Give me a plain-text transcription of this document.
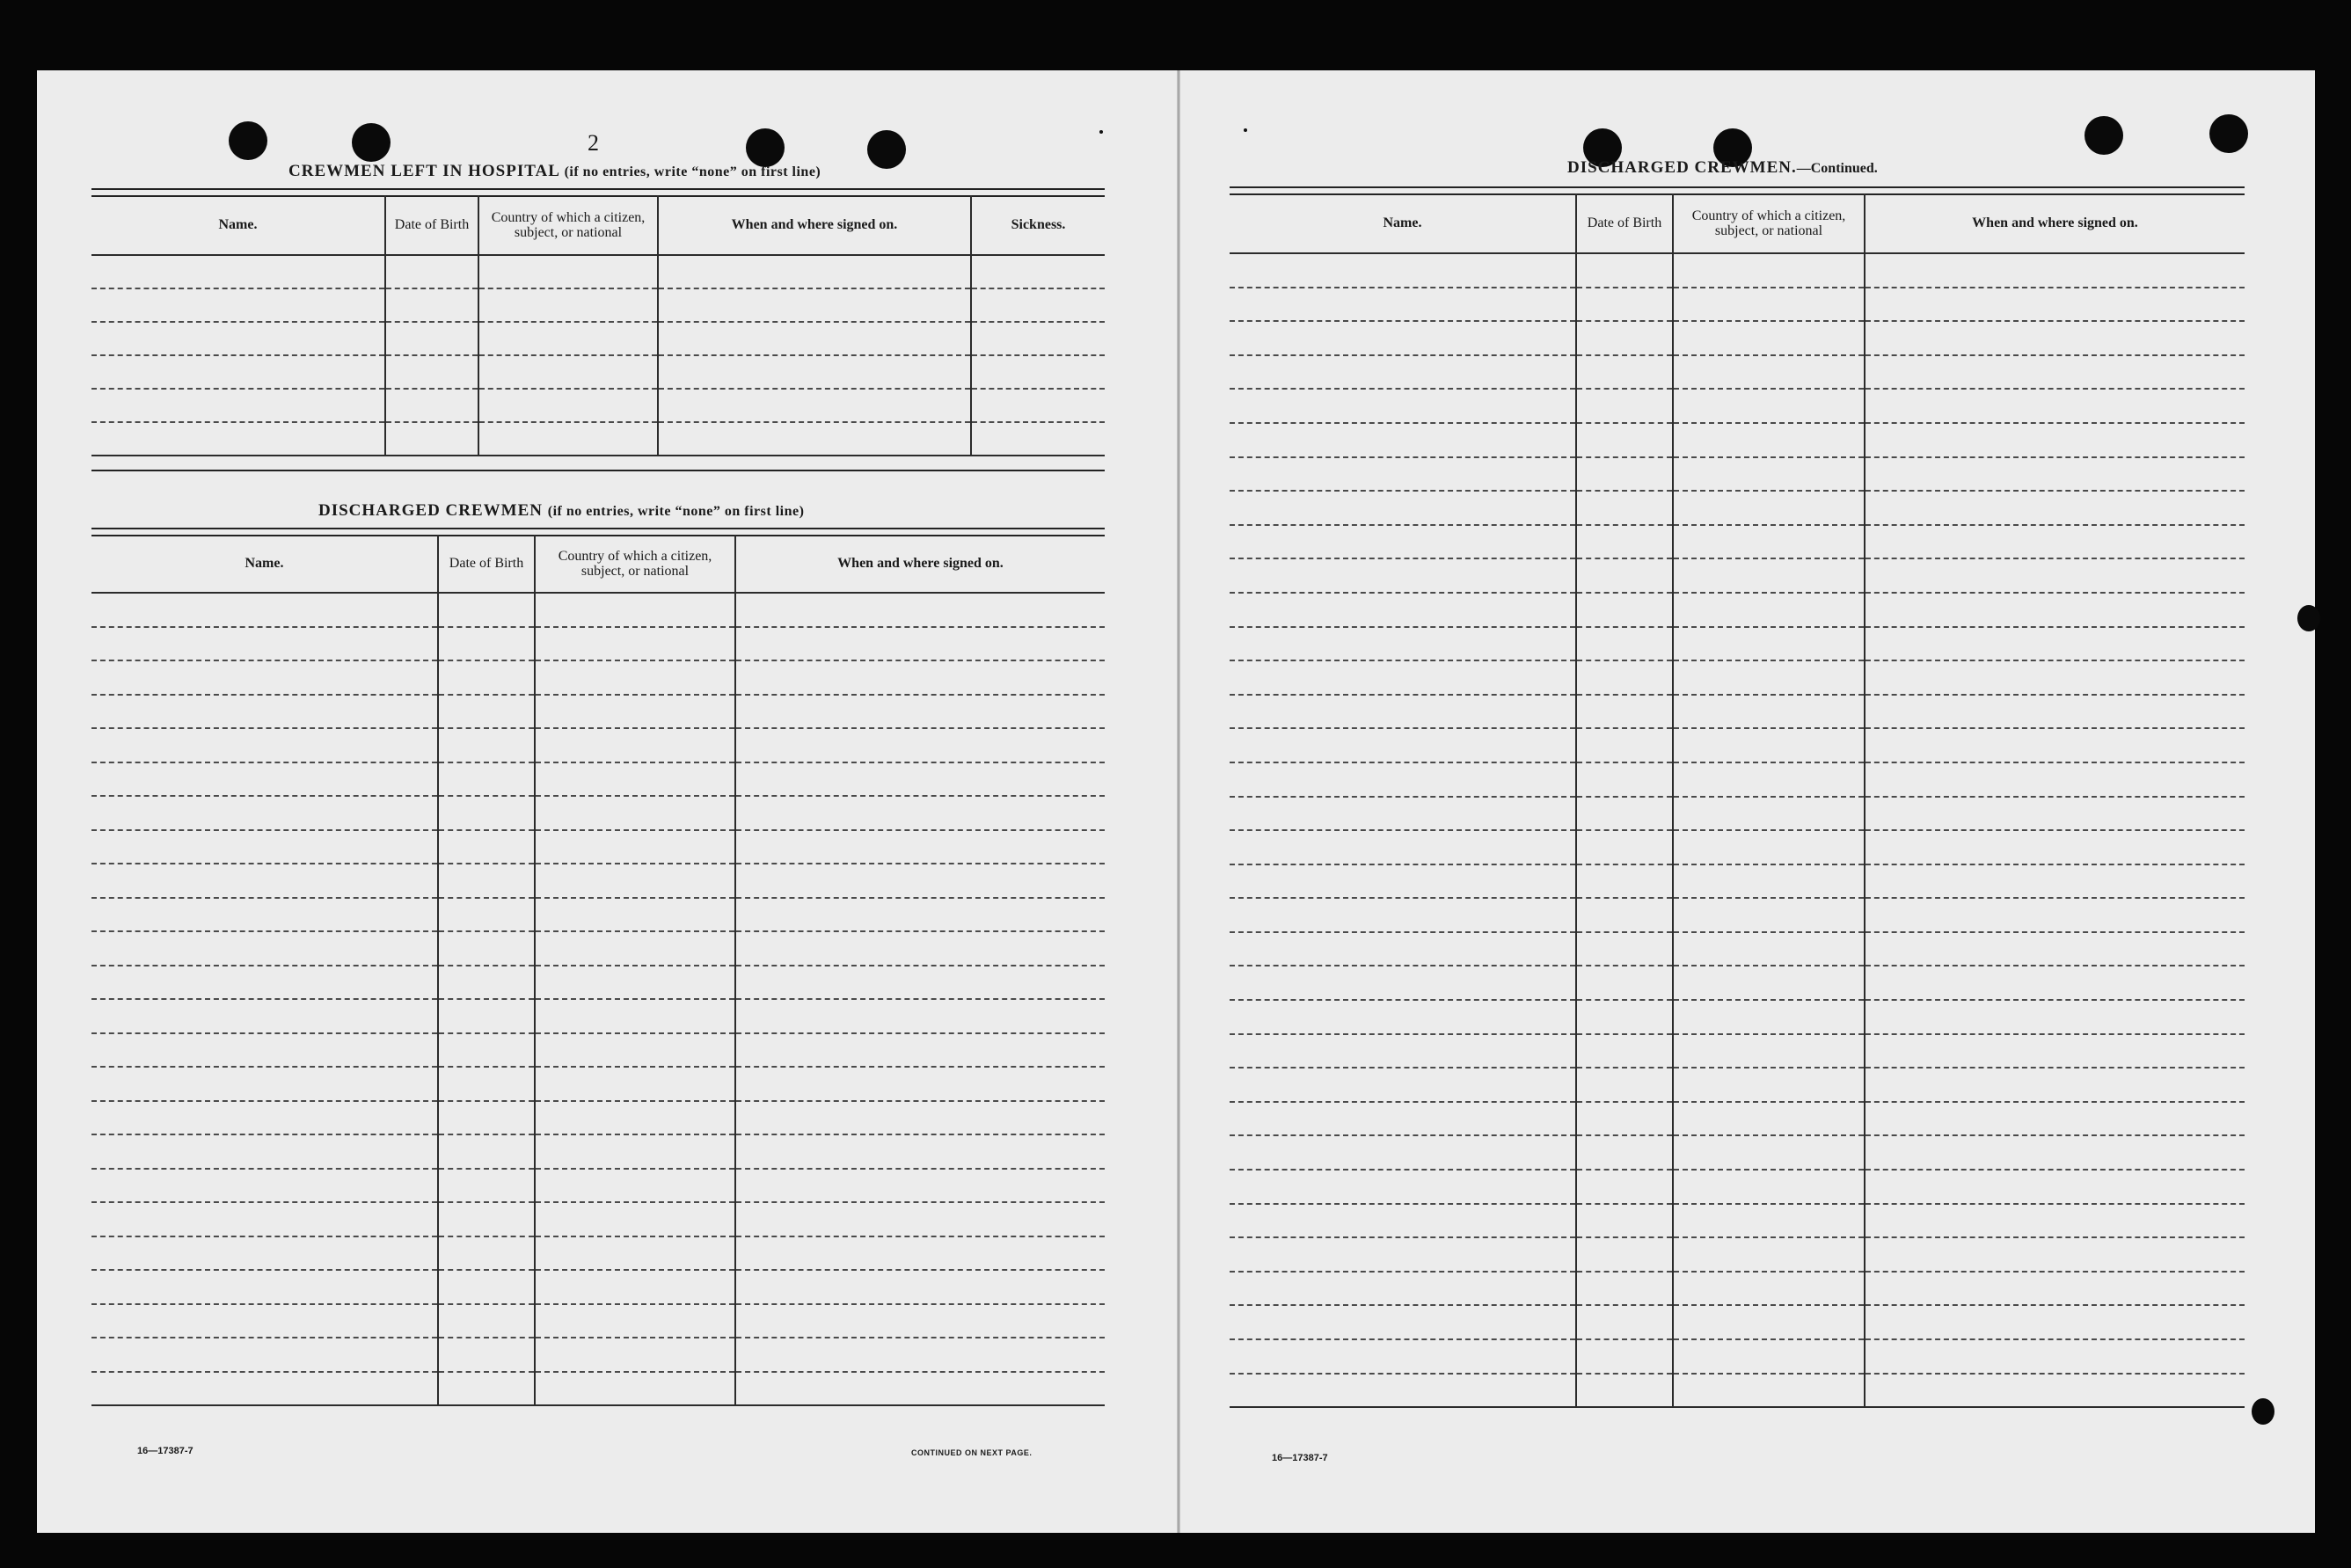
2
CREWMEN LEFT IN HOSPITAL (if no entries, write “none” on first line)
Name.	Date of Birth	Country of which a citizen, subject, or national	When and where signed on.	Sickness.

DISCHARGED CREWMEN (if no entries, write “none” on first line)
Name.	Date of Birth	Country of which a citizen, subject, or national	When and where signed on.

16—17387-7	CONTINUED ON NEXT PAGE.
DISCHARGED CREWMEN.—Continued.
Name.	Date of Birth	Country of which a citizen, subject, or national	When and where signed on.

16—17387-7
